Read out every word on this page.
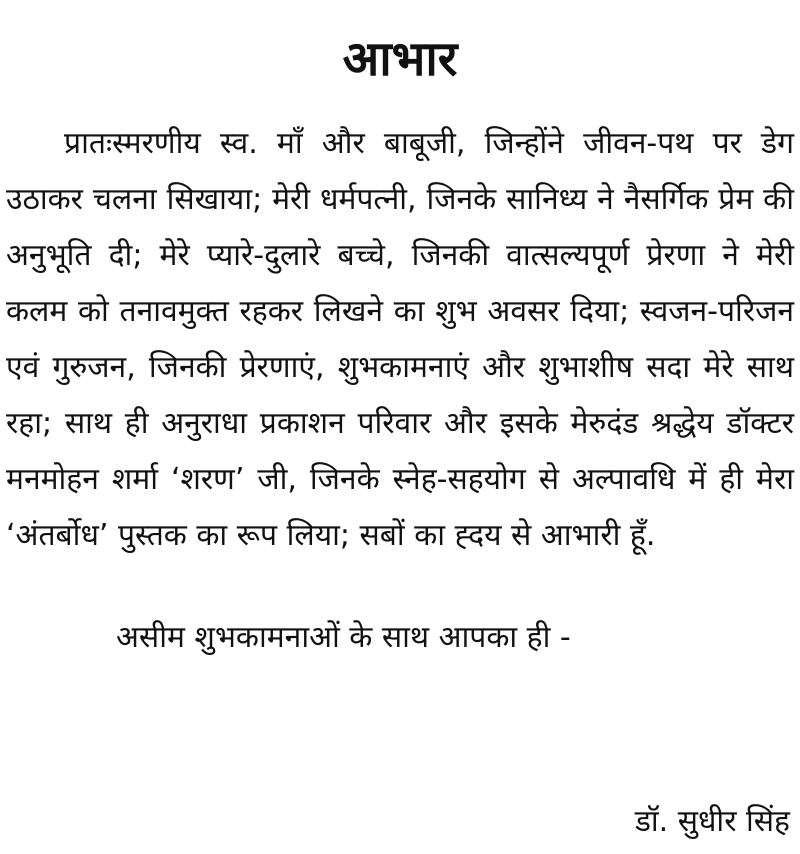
आभार

प्रातःस्मरणीय स्व. माँ और बाबूजी, जिन्होंने जीवन-पथ पर डेग उठाकर चलना सिखाया; मेरी धर्मपत्नी, जिनके सानिध्य ने नैसर्गिक प्रेम की अनुभूति दी; मेरे प्यारे-दुलारे बच्चे, जिनकी वात्सल्यपूर्ण प्रेरणा ने मेरी कलम को तनावमुक्त रहकर लिखने का शुभ अवसर दिया; स्वजन-परिजन एवं गुरुजन, जिनकी प्रेरणाएं, शुभकामनाएं और शुभाशीष सदा मेरे साथ रहा; साथ ही अनुराधा प्रकाशन परिवार और इसके मेरुदंड श्रद्धेय डॉक्टर मनमोहन शर्मा ‘शरण’ जी, जिनके स्नेह-सहयोग से अल्पावधि में ही मेरा ‘अंतर्बोध’ पुस्तक का रूप लिया; सबों का ह्दय से आभारी हूँ.

असीम शुभकामनाओं के साथ आपका ही -
डॉ. सुधीर सिंह
